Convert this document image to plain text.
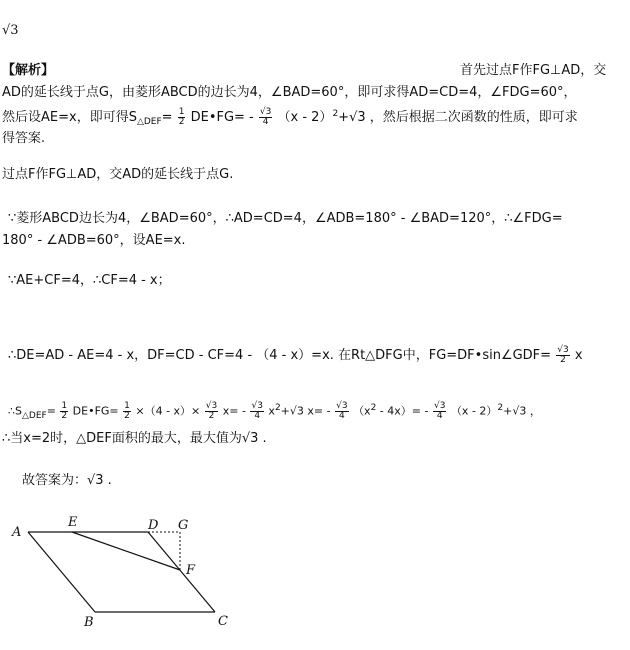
√3
【解析】	首先过点F作FG⊥AD，交
AD的延长线于点G，由菱形ABCD的边长为4，∠BAD=60°，即可求得AD=CD=4，∠FDG=60°，
然后设AE=x，即可得$S_{\triangle DEF}= \frac{1}{2}$ DE•FG= - $\frac{√3}{4} (x - 2)^2+√3$ ，然后根据二次函数的性质，即可求
得答案.
过点F作FG⊥AD，交AD的延长线于点G.
∵菱形ABCD边长为4，∠BAD=60°，∴AD=CD=4，∠ADB=180° - ∠BAD=120°，∴∠FDG=
180° - ∠ADB=60°，设AE=x.
∵AE+CF=4，∴CF=4 - x；
∴DE=AD - AE=4 - x，DF=CD - CF=4 - （4 - x）=x. 在Rt△DFG中，FG=DF•sin∠GDF= $\frac{√3}{2}$ x
$\therefore S_{\triangle DEF}= \frac{1}{2}$ DE•FG= $\frac{1}{2} \times(4 - x)\times \frac{√3}{2} x= - \frac{√3}{4} x^2+√3$ $x= - \frac{√3}{4} (x^2 - 4x)= - \frac{√3}{4} (x - 2)^2+√3$ ，
∴当x=2时，△DEF面积的最大，最大值为√3 .
故答案为：√3 .
A
E	D G
F
B	C
